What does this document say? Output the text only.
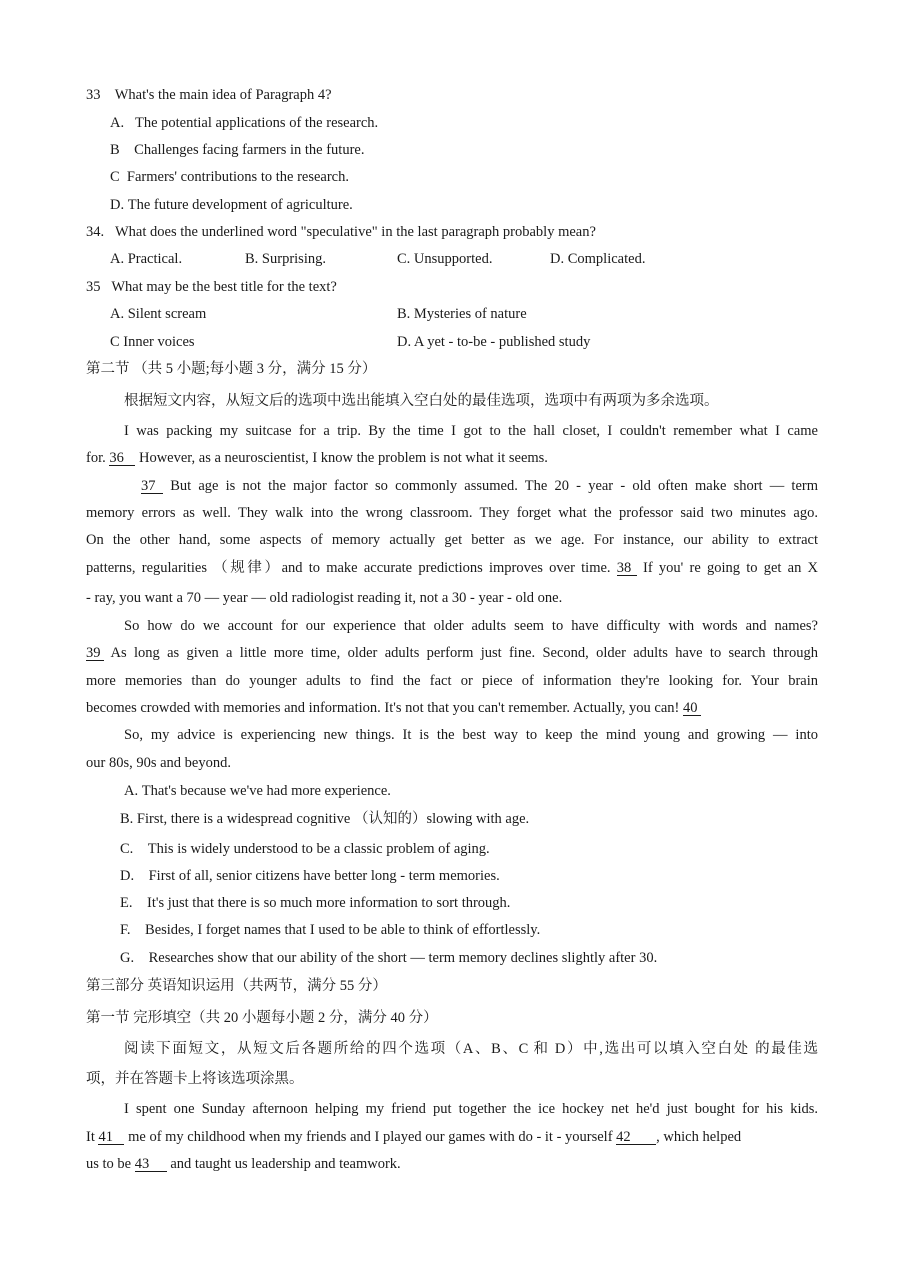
33 What's the main idea of Paragraph 4?
A. The potential applications of the research.
B Challenges facing farmers in the future.
C Farmers' contributions to the research.
D. The future development of agriculture.
34. What does the underlined word "speculative" in the last paragraph probably mean?
A. Practical.	B. Surprising.	C. Unsupported.	D. Complicated.
35 What may be the best title for the text?
A. Silent scream	B. Mysteries of nature
C Inner voices	D. A yet - to-be - published study
第二节 （共 5 小题;每小题 3 分，满分 15 分）
根据短文内容，从短文后的选项中选出能填入空白处的最佳选项，选项中有两项为多余选项。
I was packing my suitcase for a trip. By the time I got to the hall closet, I couldn't remember what I came
for. 36 However, as a neuroscientist, I know the problem is not what it seems.
37 But age is not the major factor so commonly assumed. The 20 - year - old often make short — term
memory errors as well. They walk into the wrong classroom. They forget what the professor said two minutes ago.
On the other hand, some aspects of memory actually get better as we age. For instance, our ability to extract
patterns, regularities （规律）and to make accurate predictions improves over time. 38 If you' re going to get an X
- ray, you want a 70 — year — old radiologist reading it, not a 30 - year - old one.
So how do we account for our experience that older adults seem to have difficulty with words and names?
39 As long as given a little more time, older adults perform just fine. Second, older adults have to search through
more memories than do younger adults to find the fact or piece of information they're looking for. Your brain
becomes crowded with memories and information. It's not that you can't remember. Actually, you can! 40
So, my advice is experiencing new things. It is the best way to keep the mind young and growing — into
our 80s, 90s and beyond.
A. That's because we've had more experience.
B. First, there is a widespread cognitive （认知的）slowing with age.
C. This is widely understood to be a classic problem of aging.
D. First of all, senior citizens have better long - term memories.
E. It's just that there is so much more information to sort through.
F. Besides, I forget names that I used to be able to think of effortlessly.
G. Researches show that our ability of the short — term memory declines slightly after 30.
第三部分 英语知识运用（共两节，满分 55 分）
第一节 完形填空（共 20 小题每小题 2 分，满分 40 分）
阅读下面短文，从短文后各题所给的四个选项（A、B、C 和 D）中,选出可以填入空白处 的最佳选
项，并在答题卡上将该选项涂黑。
I spent one Sunday afternoon helping my friend put together the ice hockey net he'd just bought for his kids.
It 41 me of my childhood when my friends and I played our games with do - it - yourself 42 , which helped
us to be 43 and taught us leadership and teamwork.
